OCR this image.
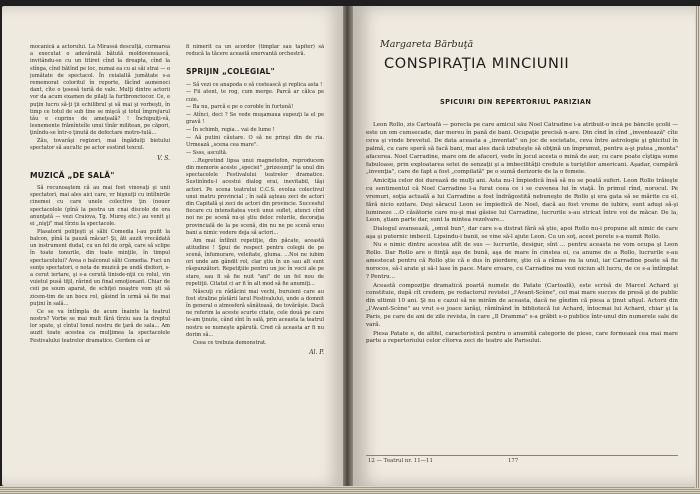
mocanică a actorului. La Mirassă desculţă, curmarea a executat o adevărată bătută moldovenească, invitându-se cu un titiret cînd la dreapta, cînd la stînga, cînd bătînd pe loc, numai ea cu ai săi strai — o jumătate de spectacol. În ceialaltă jumătate s-a rememorat coloritul în reporte, făcînd aumenoci dant, cîte o ţesesă turiă de vale. Mulţi dintre actorii vor da acum examen de pilaţi la furtbronctocor. Ce, e puţin lucru să-ţi ţii echilibrul şi să mai şi vorbeşti, în timp ce totul de sub tine se mişcă şi totul împrejurul tău e cuprins de ameţeală? ! Închipuiţi-vă, lesnemente frămînteîle unui tînăr militean, pe căpori, ţinîndu-se într-o ţinută de defectare motro-tulă…

Zău, tovarăşi regizori, mai îngăduiţi bietului spectator să aucultc pe actor esstind texcul.

V. S.
MUZICĂ „DE SALĂ"

Să recunoaştem că au mai fost vinovaţi şi unii spectatori, mai ales aici care, vr bişnuiţi cu intîlnirile cinemei cu care unele colective ţin (nouer spectacolole (pînă la pestra un cnai discolo de ora anunţată — vezi Craiova, Tg. Mureş etc.) au venit şi ei „nişţi" mai tîrziu la spectacole.

Plasatorii poliţeşti şi sălii Comedia l-au pufit la balcon, pînă la pauză măcar! Şi, ăti auzit vrecădată un instrument dudal, cu un fel de orgă, care să sclipe în toate tonurile, din toate minţile, în timpul spectacolului? Avea o balconul sălii Comedia. Fuci un sunţe spectatori, o nota de muzică pe undă disitori, s-a cerut iertare, şi s-a cerută linisde-nţii cu rolul, vin vuietul pusă tiţil, rărind un final emoţionant. Chiar de ceii pe soum aparat, de schiţei noaştre vom şti să zicem-tim de un bocu rol, găsind în urmă să fie mai puţini în sală...

Ce se va întîmpla de acum înainte la teatrul nostru? Vorbe se mai mult fără tîrziu sau la dreptul lor spate, şi cîntul tonul nostru de ţară de sala... Am auzit toate acestea ca mulţimea la spectacolele Festivalului teatrelor dramatice. Cerdem că ar

fi nimerit ca un acordor (timplar sau tapiter) să reducă la tăcere această enervantă orchestră.

SPRIJIN „COLEGIAL"

— Să vezi ce anapoda o să costească şi replica asta !

— Fii atent, te rog, cum merge. Parcă ar călca pe cuie.

— Ba nu, parcă e pe o coroble în furtună!

— Atînci, deci ? Se vede muşamaua supeuţi la el pe gravă !

— În schimb, regia... vai de lume !

— Aă putini căutare. O să ne prinşi din de ria. Urmează „scena cea mare".

— Ssss, ascultă.

...Regretind lipsa unui magnetofon, reproducem din memorie aceste „speciei" „prizesunţi" la unul din spectacolele Festivalului teatrelor dramatice. Sustinîndu-l acestui dialog erai, inevitabil, tăşi actori. Pe scena teatrului C.C.S. evolua colectivul unui matru provincial ; în sală aşteau zeci de actori din Capitală şi zeci de actori din provincie. Succesful fiecare cu intensitatea vocii unui suflet, atunci cînd noi ne pe scenă nu-şi ştiu deloc rolurile, decoraţia provincială de la pe scenă, din nu ne pe scenă erau bani a nimic vedere deja să actori...

Am mai întîlnit repetiţie, din păcate, această atitudine ! Şpui de respect pentru colegii de pe scenă, înfumurare, veleitate, gluma. ...Noi ne iubim ori unde am gândit rol, clar ştiu în un sau alt sunt răspunzători. Repetiţiile pentru un joc în vocii ale pe stare, sau fi să fie nuit "ani" de un fel nou de repetiţii. Citatul ci ar fi în alt mod să fie anumiţi...

Născuţi cu rădăcini mai vechi, buruieni care au fost straline pîstării larul Festivalului, unde a domnit în general o atmosferă sănătoasă, de tovărăşie. Dacă ne referim la aceste scurte citate, cele două pe care le-am ţinute, când sînt în sală, prin aceasta la teatrul nostru se numeşte apărută. Cred că aceasta ar fi nu dorim să...

Ceea ce trebuia demonstrat.

Al. P.
12 — Teatrul nr. 11—11
Margareta Bărbuţă
CONSPIRAŢIA MINCIUNII
SPICUIRI DIN REPERTORIUL PARIZIAN

Leon Rollo, zis Cartoafă — porecla pe care amicul său Noel Catradine i-a atribuit-o încă pe băncile şcolii — este un om cumsecade, dar mereu în pană de bani. Ocupaţie precisă n-are. Din cînd în cînd „inventează" cîte ceva şi vinde brevetul. De data aceasta a „inventat" un joc de societate, ceva între astrologie şi ghicitul în palmă, cu care speră să facă bani, mai ales dacă izbuteşte să obţină un împrumut, pentru a-şi putea „monta" afacerea. Noel Carradine, mare om de afaceri, vede în jocul acesta o mină de aur, cu care poate cîştiga sume fabuloase, prin exploatarea setei de senzaţii şi a imbecilităţii credule a turiştilor americani. Aşadar, cumpără „invenţia", care de fapt a fost „compilată" pe o sumă derizorie de la o femeie.

Amiciţia celor doi durează de mulţi ani. Asta nu-l împiedică însă să nu se poată suferi. Leon Rollo trăieşte cu sentimentul că Noel Carradine l-a furat ceea ce i se cuvenea lui în viaţă. În primul rînd, norocul. Pe vremuri, soţia actuală a lui Carradine a fost îndrăgostită nebuneşte de Rollo şi era gata să se mărite cu el, fără nicio ezitare. Deşi săracul Leon se împiedică de Noel, dacă au fost vreme de iubire, sunt aduşi să-şi lumineze ...O căsătorie care nu-şi mai găsise lui Carradine, lucrurile s-au stricat între voi de măcar. De la, Leon, ştiam parte dar, sunt la mintea rezolvare...

Dialogul avansează, „omul bun", dar care s-a distrat fără să ştie, apoi Rollo nu-i propune alt nimic de care aşa şi puternic imbecil. Lipsindu-i banii, se vine să-l ajute Leon. Cu un soţ, acest perete s-a numit Rollo.

Nu e nimic dintre acestea atît de sus — lucrurile, desigur, sînt ... pentru aceasta ne vom ocupa şi Leon Rollo. Dar Rollo are o fiinţă aşa de bună, aşa de mare în cinstea ei, ca anume de a Rollo, lucrurile s-au amestecat pentru că Rollo ştie că e dus în pierdere, ştie că a rămas nu la unul, iar Carradine poate să fie norocos, să-l arate şi să-l lase în pace. Mare eroare, cu Carradine nu vezi niciun alt lucru, de ce s-a întîmplat ? Pentru...

Această compoziţie dramatică poartă numele de Patate (Cartoafă), este scrisă de Marcel Achard şi constituie, după cît credem, pe redactorul revistei „l'Avant-Scène", cel mai mare succes de presă şi de public din ultimii 10 ani. Şi nu e cazul să ne mirăm de aceasta, dacă ne gîndim că piesa a ţinut afişul. Actorii din „l'Avant-Scène" au vrut s-o joace iarăşi, rămînând în bibliotecă lui Achard, întocmai lui Achard, chiar şi la Paris, pe care de ani de zile revista, în care „Il Dramma" s-a grăbit s-o publice într-unul din numerele sale de vară.

Piesa Patate e, de altfel, caracteristică pentru o anumită categorie de piese, care formează cea mai mare parte a repertoriului celor cîtorva zeci de teatre ale Parisului.

177
